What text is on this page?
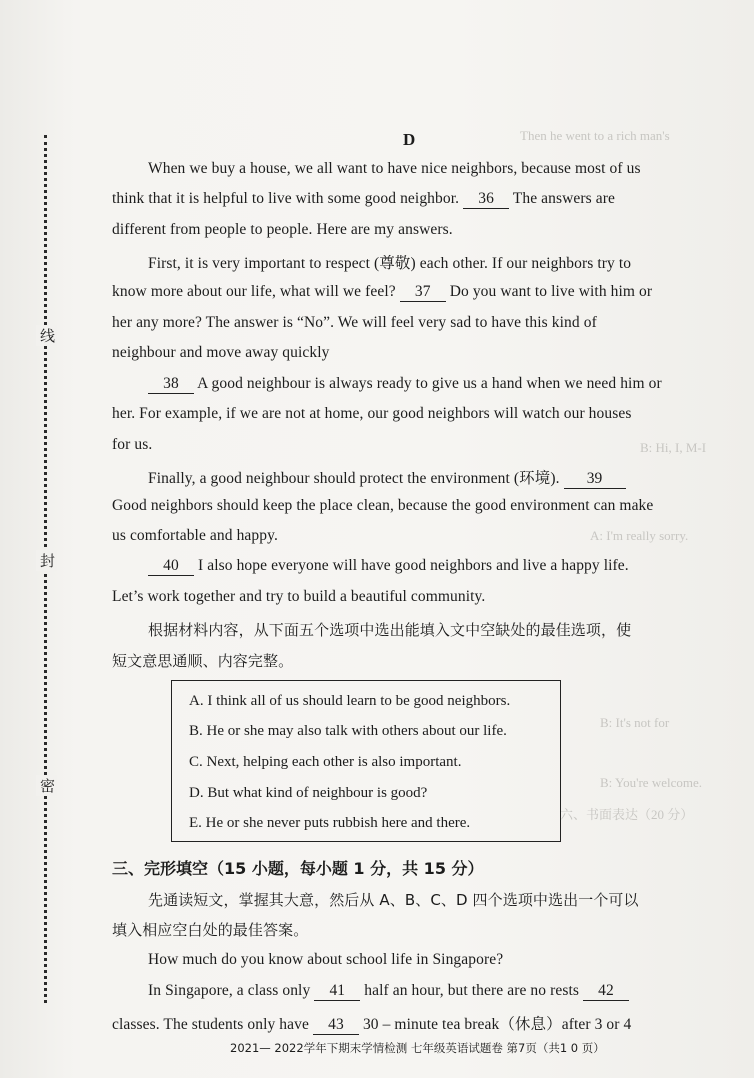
Then he went to a rich man's
B: Hi, I, M-I
A: I'm really sorry.
B: It's not for
B: You're welcome.
六、书面表达（20 分）
线
封
密
D
When we buy a house, we all want to have nice neighbors, because most of us
think that it is helpful to live with some good neighbor. 36 The answers are
different from people to people. Here are my answers.
First, it is very important to respect (尊敬) each other. If our neighbors try to
know more about our life, what will we feel? 37 Do you want to live with him or
her any more? The answer is “No”. We will feel very sad to have this kind of
neighbour and move away quickly
38 A good neighbour is always ready to give us a hand when we need him or
her. For example, if we are not at home, our good neighbors will watch our houses
for us.
Finally, a good neighbour should protect the environment (环境). 39
Good neighbors should keep the place clean, because the good environment can make
us comfortable and happy.
40 I also hope everyone will have good neighbors and live a happy life.
Let’s work together and try to build a beautiful community.
根据材料内容，从下面五个选项中选出能填入文中空缺处的最佳选项，使
短文意思通顺、内容完整。
A. I think all of us should learn to be good neighbors.
B. He or she may also talk with others about our life.
C. Next, helping each other is also important.
D. But what kind of neighbour is good?
E. He or she never puts rubbish here and there.
三、完形填空（15 小题，每小题 1 分，共 15 分）
先通读短文，掌握其大意，然后从 A、B、C、D 四个选项中选出一个可以
填入相应空白处的最佳答案。
How much do you know about school life in Singapore?
In Singapore, a class only 41 half an hour, but there are no rests 42
classes. The students only have 43 30 – minute tea break（休息）after 3 or 4
2021— 2022学年下期末学情检测 七年级英语试题卷 第7页（共1 0 页）
